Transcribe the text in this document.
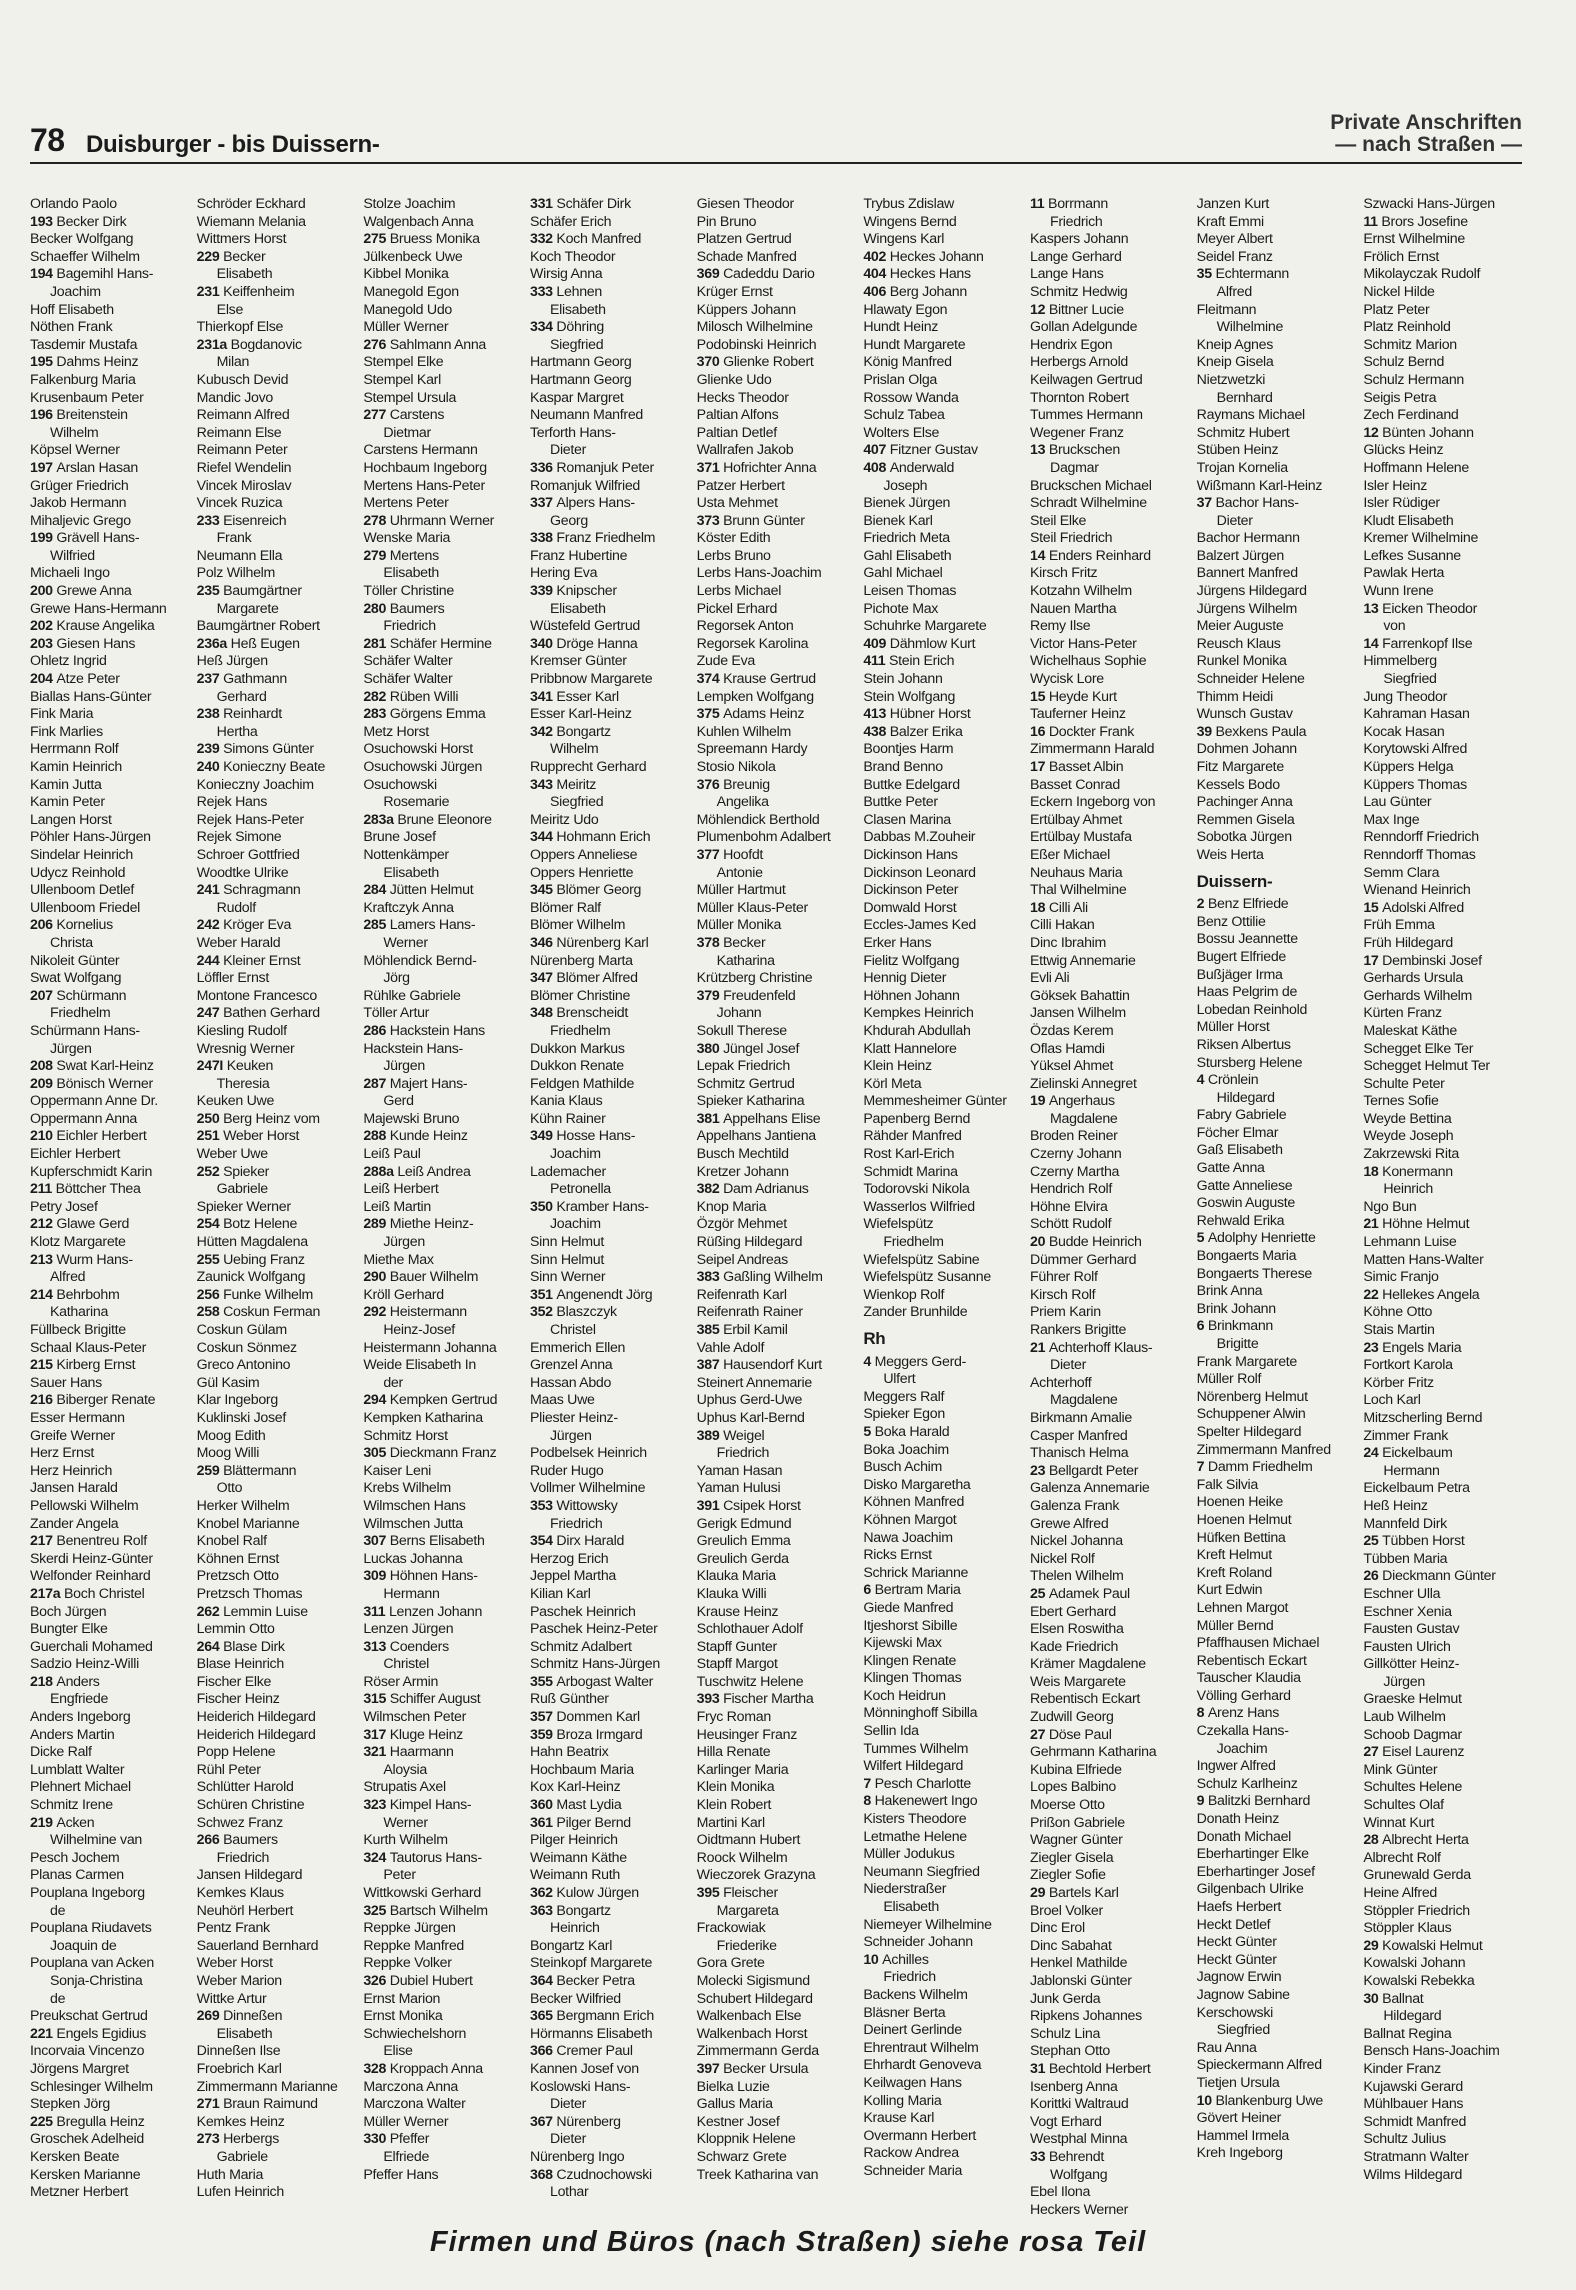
78 Duisburger - bis Duissern-
Private Anschriften
— nach Straßen —
Orlando Paolo
193 Becker Dirk
Becker Wolfgang
Schaeffer Wilhelm
194 Bagemihl Hans-
Joachim
Hoff Elisabeth
Nöthen Frank
Tasdemir Mustafa
195 Dahms Heinz
Falkenburg Maria
Krusenbaum Peter
196 Breitenstein
Wilhelm
Köpsel Werner
197 Arslan Hasan
Grüger Friedrich
Jakob Hermann
Mihaljevic Grego
199 Grävell Hans-
Wilfried
Michaeli Ingo
200 Grewe Anna
Grewe Hans-Hermann
202 Krause Angelika
203 Giesen Hans
Ohletz Ingrid
204 Atze Peter
Biallas Hans-Günter
Fink Maria
Fink Marlies
Herrmann Rolf
Kamin Heinrich
Kamin Jutta
Kamin Peter
Langen Horst
Pöhler Hans-Jürgen
Sindelar Heinrich
Udycz Reinhold
Ullenboom Detlef
Ullenboom Friedel
206 Kornelius
Christa
Nikoleit Günter
Swat Wolfgang
207 Schürmann
Friedhelm
Schürmann Hans-
Jürgen
208 Swat Karl-Heinz
209 Bönisch Werner
Oppermann Anne Dr.
Oppermann Anna
210 Eichler Herbert
Eichler Herbert
Kupferschmidt Karin
211 Böttcher Thea
Petry Josef
212 Glawe Gerd
Klotz Margarete
213 Wurm Hans-
Alfred
214 Behrbohm
Katharina
Füllbeck Brigitte
Schaal Klaus-Peter
215 Kirberg Ernst
Sauer Hans
216 Biberger Renate
Esser Hermann
Greife Werner
Herz Ernst
Herz Heinrich
Jansen Harald
Pellowski Wilhelm
Zander Angela
217 Benentreu Rolf
Skerdi Heinz-Günter
Welfonder Reinhard
217a Boch Christel
Boch Jürgen
Bungter Elke
Guerchali Mohamed
Sadzio Heinz-Willi
218 Anders
Engfriede
Anders Ingeborg
Anders Martin
Dicke Ralf
Lumblatt Walter
Plehnert Michael
Schmitz Irene
219 Acken
Wilhelmine van
Pesch Jochem
Planas Carmen
Pouplana Ingeborg
de
Pouplana Riudavets
Joaquin de
Pouplana van Acken
Sonja-Christina
de
Preukschat Gertrud
221 Engels Egidius
Incorvaia Vincenzo
Jörgens Margret
Schlesinger Wilhelm
Stepken Jörg
225 Bregulla Heinz
Groschek Adelheid
Kersken Beate
Kersken Marianne
Metzner Herbert
Schröder Eckhard
Wiemann Melania
Wittmers Horst
229 Becker
Elisabeth
231 Keiffenheim
Else
Thierkopf Else
231a Bogdanovic
Milan
Kubusch Devid
Mandic Jovo
Reimann Alfred
Reimann Else
Reimann Peter
Riefel Wendelin
Vincek Miroslav
Vincek Ruzica
233 Eisenreich
Frank
Neumann Ella
Polz Wilhelm
235 Baumgärtner
Margarete
Baumgärtner Robert
236a Heß Eugen
Heß Jürgen
237 Gathmann
Gerhard
238 Reinhardt
Hertha
239 Simons Günter
240 Konieczny Beate
Konieczny Joachim
Rejek Hans
Rejek Hans-Peter
Rejek Simone
Schroer Gottfried
Woodtke Ulrike
241 Schragmann
Rudolf
242 Kröger Eva
Weber Harald
244 Kleiner Ernst
Löffler Ernst
Montone Francesco
247 Bathen Gerhard
Kiesling Rudolf
Wresnig Werner
247I Keuken
Theresia
Keuken Uwe
250 Berg Heinz vom
251 Weber Horst
Weber Uwe
252 Spieker
Gabriele
Spieker Werner
254 Botz Helene
Hütten Magdalena
255 Uebing Franz
Zaunick Wolfgang
256 Funke Wilhelm
258 Coskun Ferman
Coskun Gülam
Coskun Sönmez
Greco Antonino
Gül Kasim
Klar Ingeborg
Kuklinski Josef
Moog Edith
Moog Willi
259 Blättermann
Otto
Herker Wilhelm
Knobel Marianne
Knobel Ralf
Köhnen Ernst
Pretzsch Otto
Pretzsch Thomas
262 Lemmin Luise
Lemmin Otto
264 Blase Dirk
Blase Heinrich
Fischer Elke
Fischer Heinz
Heiderich Hildegard
Heiderich Hildegard
Popp Helene
Rühl Peter
Schlütter Harold
Schüren Christine
Schwez Franz
266 Baumers
Friedrich
Jansen Hildegard
Kemkes Klaus
Neuhörl Herbert
Pentz Frank
Sauerland Bernhard
Weber Horst
Weber Marion
Wittke Artur
269 Dinneßen
Elisabeth
Dinneßen Ilse
Froebrich Karl
Zimmermann Marianne
271 Braun Raimund
Kemkes Heinz
273 Herbergs
Gabriele
Huth Maria
Lufen Heinrich
Stolze Joachim
Walgenbach Anna
275 Bruess Monika
Jülkenbeck Uwe
Kibbel Monika
Manegold Egon
Manegold Udo
Müller Werner
276 Sahlmann Anna
Stempel Elke
Stempel Karl
Stempel Ursula
277 Carstens
Dietmar
Carstens Hermann
Hochbaum Ingeborg
Mertens Hans-Peter
Mertens Peter
278 Uhrmann Werner
Wenske Maria
279 Mertens
Elisabeth
Töller Christine
280 Baumers
Friedrich
281 Schäfer Hermine
Schäfer Walter
Schäfer Walter
282 Rüben Willi
283 Görgens Emma
Metz Horst
Osuchowski Horst
Osuchowski Jürgen
Osuchowski
Rosemarie
283a Brune Eleonore
Brune Josef
Nottenkämper
Elisabeth
284 Jütten Helmut
Kraftczyk Anna
285 Lamers Hans-
Werner
Möhlendick Bernd-
Jörg
Rühlke Gabriele
Töller Artur
286 Hackstein Hans
Hackstein Hans-
Jürgen
287 Majert Hans-
Gerd
Majewski Bruno
288 Kunde Heinz
Leiß Paul
288a Leiß Andrea
Leiß Herbert
Leiß Martin
289 Miethe Heinz-
Jürgen
Miethe Max
290 Bauer Wilhelm
Kröll Gerhard
292 Heistermann
Heinz-Josef
Heistermann Johanna
Weide Elisabeth In
der
294 Kempken Gertrud
Kempken Katharina
Schmitz Horst
305 Dieckmann Franz
Kaiser Leni
Krebs Wilhelm
Wilmschen Hans
Wilmschen Jutta
307 Berns Elisabeth
Luckas Johanna
309 Höhnen Hans-
Hermann
311 Lenzen Johann
Lenzen Jürgen
313 Coenders
Christel
Röser Armin
315 Schiffer August
Wilmschen Peter
317 Kluge Heinz
321 Haarmann
Aloysia
Strupatis Axel
323 Kimpel Hans-
Werner
Kurth Wilhelm
324 Tautorus Hans-
Peter
Wittkowski Gerhard
325 Bartsch Wilhelm
Reppke Jürgen
Reppke Manfred
Reppke Volker
326 Dubiel Hubert
Ernst Marion
Ernst Monika
Schwiechelshorn
Elise
328 Kroppach Anna
Marczona Anna
Marczona Walter
Müller Werner
330 Pfeffer
Elfriede
Pfeffer Hans
331 Schäfer Dirk
Schäfer Erich
332 Koch Manfred
Koch Theodor
Wirsig Anna
333 Lehnen
Elisabeth
334 Döhring
Siegfried
Hartmann Georg
Hartmann Georg
Kaspar Margret
Neumann Manfred
Terforth Hans-
Dieter
336 Romanjuk Peter
Romanjuk Wilfried
337 Alpers Hans-
Georg
338 Franz Friedhelm
Franz Hubertine
Hering Eva
339 Knipscher
Elisabeth
Wüstefeld Gertrud
340 Dröge Hanna
Kremser Günter
Pribbnow Margarete
341 Esser Karl
Esser Karl-Heinz
342 Bongartz
Wilhelm
Rupprecht Gerhard
343 Meiritz
Siegfried
Meiritz Udo
344 Hohmann Erich
Oppers Anneliese
Oppers Henriette
345 Blömer Georg
Blömer Ralf
Blömer Wilhelm
346 Nürenberg Karl
Nürenberg Marta
347 Blömer Alfred
Blömer Christine
348 Brenscheidt
Friedhelm
Dukkon Markus
Dukkon Renate
Feldgen Mathilde
Kania Klaus
Kühn Rainer
349 Hosse Hans-
Joachim
Lademacher
Petronella
350 Kramber Hans-
Joachim
Sinn Helmut
Sinn Helmut
Sinn Werner
351 Angenendt Jörg
352 Blaszczyk
Christel
Emmerich Ellen
Grenzel Anna
Hassan Abdo
Maas Uwe
Pliester Heinz-
Jürgen
Podbelsek Heinrich
Ruder Hugo
Vollmer Wilhelmine
353 Wittowsky
Friedrich
354 Dirx Harald
Herzog Erich
Jeppel Martha
Kilian Karl
Paschek Heinrich
Paschek Heinz-Peter
Schmitz Adalbert
Schmitz Hans-Jürgen
355 Arbogast Walter
Ruß Günther
357 Dommen Karl
359 Broza Irmgard
Hahn Beatrix
Hochbaum Maria
Kox Karl-Heinz
360 Mast Lydia
361 Pilger Bernd
Pilger Heinrich
Weimann Käthe
Weimann Ruth
362 Kulow Jürgen
363 Bongartz
Heinrich
Bongartz Karl
Steinkopf Margarete
364 Becker Petra
Becker Wilfried
365 Bergmann Erich
Hörmanns Elisabeth
366 Cremer Paul
Kannen Josef von
Koslowski Hans-
Dieter
367 Nürenberg
Dieter
Nürenberg Ingo
368 Czudnochowski
Lothar
Giesen Theodor
Pin Bruno
Platzen Gertrud
Schade Manfred
369 Cadeddu Dario
Krüger Ernst
Küppers Johann
Milosch Wilhelmine
Podobinski Heinrich
370 Glienke Robert
Glienke Udo
Hecks Theodor
Paltian Alfons
Paltian Detlef
Wallrafen Jakob
371 Hofrichter Anna
Patzer Herbert
Usta Mehmet
373 Brunn Günter
Köster Edith
Lerbs Bruno
Lerbs Hans-Joachim
Lerbs Michael
Pickel Erhard
Regorsek Anton
Regorsek Karolina
Zude Eva
374 Krause Gertrud
Lempken Wolfgang
375 Adams Heinz
Kuhlen Wilhelm
Spreemann Hardy
Stosio Nikola
376 Breunig
Angelika
Möhlendick Berthold
Plumenbohm Adalbert
377 Hoofdt
Antonie
Müller Hartmut
Müller Klaus-Peter
Müller Monika
378 Becker
Katharina
Krützberg Christine
379 Freudenfeld
Johann
Sokull Therese
380 Jüngel Josef
Lepak Friedrich
Schmitz Gertrud
Spieker Katharina
381 Appelhans Elise
Appelhans Jantiena
Busch Mechtild
Kretzer Johann
382 Dam Adrianus
Knop Maria
Özgör Mehmet
Rüßing Hildegard
Seipel Andreas
383 Gaßling Wilhelm
Reifenrath Karl
Reifenrath Rainer
385 Erbil Kamil
Vahle Adolf
387 Hausendorf Kurt
Steinert Annemarie
Uphus Gerd-Uwe
Uphus Karl-Bernd
389 Weigel
Friedrich
Yaman Hasan
Yaman Hulusi
391 Csipek Horst
Gerigk Edmund
Greulich Emma
Greulich Gerda
Klauka Maria
Klauka Willi
Krause Heinz
Schlothauer Adolf
Stapff Gunter
Stapff Margot
Tuschwitz Helene
393 Fischer Martha
Fryc Roman
Heusinger Franz
Hilla Renate
Karlinger Maria
Klein Monika
Klein Robert
Martini Karl
Oidtmann Hubert
Roock Wilhelm
Wieczorek Grazyna
395 Fleischer
Margareta
Frackowiak
Friederike
Gora Grete
Molecki Sigismund
Schubert Hildegard
Walkenbach Else
Walkenbach Horst
Zimmermann Gerda
397 Becker Ursula
Bielka Luzie
Gallus Maria
Kestner Josef
Kloppnik Helene
Schwarz Grete
Treek Katharina van
Trybus Zdislaw
Wingens Bernd
Wingens Karl
402 Heckes Johann
404 Heckes Hans
406 Berg Johann
Hlawaty Egon
Hundt Heinz
Hundt Margarete
König Manfred
Prislan Olga
Rossow Wanda
Schulz Tabea
Wolters Else
407 Fitzner Gustav
408 Anderwald
Joseph
Bienek Jürgen
Bienek Karl
Friedrich Meta
Gahl Elisabeth
Gahl Michael
Leisen Thomas
Pichote Max
Schuhrke Margarete
409 Dähmlow Kurt
411 Stein Erich
Stein Johann
Stein Wolfgang
413 Hübner Horst
438 Balzer Erika
Boontjes Harm
Brand Benno
Buttke Edelgard
Buttke Peter
Clasen Marina
Dabbas M.Zouheir
Dickinson Hans
Dickinson Leonard
Dickinson Peter
Domwald Horst
Eccles-James Ked
Erker Hans
Fielitz Wolfgang
Hennig Dieter
Höhnen Johann
Kempkes Heinrich
Khdurah Abdullah
Klatt Hannelore
Klein Heinz
Körl Meta
Memmesheimer Günter
Papenberg Bernd
Rähder Manfred
Rost Karl-Erich
Schmidt Marina
Todorovski Nikola
Wasserlos Wilfried
Wiefelspütz
Friedhelm
Wiefelspütz Sabine
Wiefelspütz Susanne
Wienkop Rolf
Zander Brunhilde
Rh
4 Meggers Gerd-
Ulfert
Meggers Ralf
Spieker Egon
5 Boka Harald
Boka Joachim
Busch Achim
Disko Margaretha
Köhnen Manfred
Köhnen Margot
Nawa Joachim
Ricks Ernst
Schrick Marianne
6 Bertram Maria
Giede Manfred
Itjeshorst Sibille
Kijewski Max
Klingen Renate
Klingen Thomas
Koch Heidrun
Mönninghoff Sibilla
Sellin Ida
Tummes Wilhelm
Wilfert Hildegard
7 Pesch Charlotte
8 Hakenewert Ingo
Kisters Theodore
Letmathe Helene
Müller Jodukus
Neumann Siegfried
Niederstraßer
Elisabeth
Niemeyer Wilhelmine
Schneider Johann
10 Achilles
Friedrich
Backens Wilhelm
Bläsner Berta
Deinert Gerlinde
Ehrentraut Wilhelm
Ehrhardt Genoveva
Keilwagen Hans
Kolling Maria
Krause Karl
Overmann Herbert
Rackow Andrea
Schneider Maria
11 Borrmann
Friedrich
Kaspers Johann
Lange Gerhard
Lange Hans
Schmitz Hedwig
12 Bittner Lucie
Gollan Adelgunde
Hendrix Egon
Herbergs Arnold
Keilwagen Gertrud
Thornton Robert
Tummes Hermann
Wegener Franz
13 Bruckschen
Dagmar
Bruckschen Michael
Schradt Wilhelmine
Steil Elke
Steil Friedrich
14 Enders Reinhard
Kirsch Fritz
Kotzahn Wilhelm
Nauen Martha
Remy Ilse
Victor Hans-Peter
Wichelhaus Sophie
Wycisk Lore
15 Heyde Kurt
Tauferner Heinz
16 Dockter Frank
Zimmermann Harald
17 Basset Albin
Basset Conrad
Eckern Ingeborg von
Ertülbay Ahmet
Ertülbay Mustafa
Eßer Michael
Neuhaus Maria
Thal Wilhelmine
18 Cilli Ali
Cilli Hakan
Dinc Ibrahim
Ettwig Annemarie
Evli Ali
Göksek Bahattin
Jansen Wilhelm
Özdas Kerem
Oflas Hamdi
Yüksel Ahmet
Zielinski Annegret
19 Angerhaus
Magdalene
Broden Reiner
Czerny Johann
Czerny Martha
Hendrich Rolf
Höhne Elvira
Schött Rudolf
20 Budde Heinrich
Dümmer Gerhard
Führer Rolf
Kirsch Rolf
Priem Karin
Rankers Brigitte
21 Achterhoff Klaus-
Dieter
Achterhoff
Magdalene
Birkmann Amalie
Casper Manfred
Thanisch Helma
23 Bellgardt Peter
Galenza Annemarie
Galenza Frank
Grewe Alfred
Nickel Johanna
Nickel Rolf
Thelen Wilhelm
25 Adamek Paul
Ebert Gerhard
Elsen Roswitha
Kade Friedrich
Krämer Magdalene
Weis Margarete
Rebentisch Eckart
Zudwill Georg
27 Döse Paul
Gehrmann Katharina
Kubina Elfriede
Lopes Balbino
Moerse Otto
Prißon Gabriele
Wagner Günter
Ziegler Gisela
Ziegler Sofie
29 Bartels Karl
Broel Volker
Dinc Erol
Dinc Sabahat
Henkel Mathilde
Jablonski Günter
Junk Gerda
Ripkens Johannes
Schulz Lina
Stephan Otto
31 Bechtold Herbert
Isenberg Anna
Korittki Waltraud
Vogt Erhard
Westphal Minna
33 Behrendt
Wolfgang
Ebel Ilona
Heckers Werner
Janzen Kurt
Kraft Emmi
Meyer Albert
Seidel Franz
35 Echtermann
Alfred
Fleitmann
Wilhelmine
Kneip Agnes
Kneip Gisela
Nietzwetzki
Bernhard
Raymans Michael
Schmitz Hubert
Stüben Heinz
Trojan Kornelia
Wißmann Karl-Heinz
37 Bachor Hans-
Dieter
Bachor Hermann
Balzert Jürgen
Bannert Manfred
Jürgens Hildegard
Jürgens Wilhelm
Meier Auguste
Reusch Klaus
Runkel Monika
Schneider Helene
Thimm Heidi
Wunsch Gustav
39 Bexkens Paula
Dohmen Johann
Fitz Margarete
Kessels Bodo
Pachinger Anna
Remmen Gisela
Sobotka Jürgen
Weis Herta
Duissern-
2 Benz Elfriede
Benz Ottilie
Bossu Jeannette
Bugert Elfriede
Bußjäger Irma
Haas Pelgrim de
Lobedan Reinhold
Müller Horst
Riksen Albertus
Stursberg Helene
4 Crönlein
Hildegard
Fabry Gabriele
Föcher Elmar
Gaß Elisabeth
Gatte Anna
Gatte Anneliese
Goswin Auguste
Rehwald Erika
5 Adolphy Henriette
Bongaerts Maria
Bongaerts Therese
Brink Anna
Brink Johann
6 Brinkmann
Brigitte
Frank Margarete
Müller Rolf
Nörenberg Helmut
Schuppener Alwin
Spelter Hildegard
Zimmermann Manfred
7 Damm Friedhelm
Falk Silvia
Hoenen Heike
Hoenen Helmut
Hüfken Bettina
Kreft Helmut
Kreft Roland
Kurt Edwin
Lehnen Margot
Müller Bernd
Pfaffhausen Michael
Rebentisch Eckart
Tauscher Klaudia
Völling Gerhard
8 Arenz Hans
Czekalla Hans-
Joachim
Ingwer Alfred
Schulz Karlheinz
9 Balitzki Bernhard
Donath Heinz
Donath Michael
Eberhartinger Elke
Eberhartinger Josef
Gilgenbach Ulrike
Haefs Herbert
Heckt Detlef
Heckt Günter
Heckt Günter
Jagnow Erwin
Jagnow Sabine
Kerschowski
Siegfried
Rau Anna
Spieckermann Alfred
Tietjen Ursula
10 Blankenburg Uwe
Gövert Heiner
Hammel Irmela
Kreh Ingeborg
Szwacki Hans-Jürgen
11 Brors Josefine
Ernst Wilhelmine
Frölich Ernst
Mikolayczak Rudolf
Nickel Hilde
Platz Peter
Platz Reinhold
Schmitz Marion
Schulz Bernd
Schulz Hermann
Seigis Petra
Zech Ferdinand
12 Bünten Johann
Glücks Heinz
Hoffmann Helene
Isler Heinz
Isler Rüdiger
Kludt Elisabeth
Kremer Wilhelmine
Lefkes Susanne
Pawlak Herta
Wunn Irene
13 Eicken Theodor
von
14 Farrenkopf Ilse
Himmelberg
Siegfried
Jung Theodor
Kahraman Hasan
Kocak Hasan
Korytowski Alfred
Küppers Helga
Küppers Thomas
Lau Günter
Max Inge
Renndorff Friedrich
Renndorff Thomas
Semm Clara
Wienand Heinrich
15 Adolski Alfred
Früh Emma
Früh Hildegard
17 Dembinski Josef
Gerhards Ursula
Gerhards Wilhelm
Kürten Franz
Maleskat Käthe
Schegget Elke Ter
Schegget Helmut Ter
Schulte Peter
Ternes Sofie
Weyde Bettina
Weyde Joseph
Zakrzewski Rita
18 Konermann
Heinrich
Ngo Bun
21 Höhne Helmut
Lehmann Luise
Matten Hans-Walter
Simic Franjo
22 Hellekes Angela
Köhne Otto
Stais Martin
23 Engels Maria
Fortkort Karola
Körber Fritz
Loch Karl
Mitzscherling Bernd
Zimmer Frank
24 Eickelbaum
Hermann
Eickelbaum Petra
Heß Heinz
Mannfeld Dirk
25 Tübben Horst
Tübben Maria
26 Dieckmann Günter
Eschner Ulla
Eschner Xenia
Fausten Gustav
Fausten Ulrich
Gillkötter Heinz-
Jürgen
Graeske Helmut
Laub Wilhelm
Schoob Dagmar
27 Eisel Laurenz
Mink Günter
Schultes Helene
Schultes Olaf
Winnat Kurt
28 Albrecht Herta
Albrecht Rolf
Grunewald Gerda
Heine Alfred
Stöppler Friedrich
Stöppler Klaus
29 Kowalski Helmut
Kowalski Johann
Kowalski Rebekka
30 Ballnat
Hildegard
Ballnat Regina
Bensch Hans-Joachim
Kinder Franz
Kujawski Gerard
Mühlbauer Hans
Schmidt Manfred
Schultz Julius
Stratmann Walter
Wilms Hildegard
Firmen und Büros (nach Straßen) siehe rosa Teil
